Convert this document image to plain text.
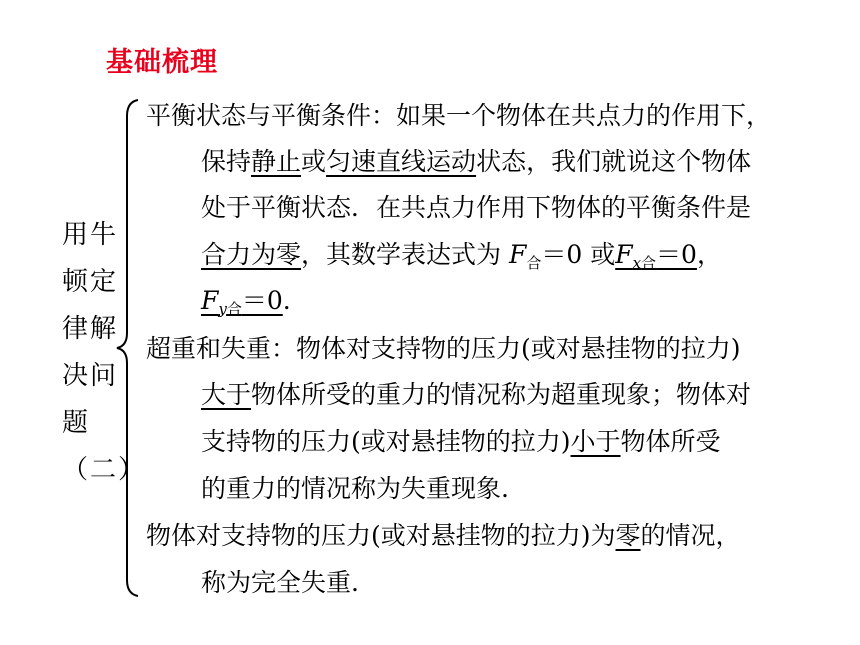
基础梳理
用牛
顿定
律解
决问
题
（二）
平衡状态与平衡条件：如果一个物体在共点力的作用下，
保持静止或匀速直线运动状态，我们就说这个物体
处于平衡状态．在共点力作用下物体的平衡条件是
合力为零，其数学表达式为 $F_合=0$ 或$F_{x合}=0$，
$F_{y合}=0$.
超重和失重：物体对支持物的压力(或对悬挂物的拉力)
大于物体所受的重力的情况称为超重现象；物体对
支持物的压力(或对悬挂物的拉力)小于物体所受
的重力的情况称为失重现象.
物体对支持物的压力(或对悬挂物的拉力)为零的情况，
称为完全失重.
